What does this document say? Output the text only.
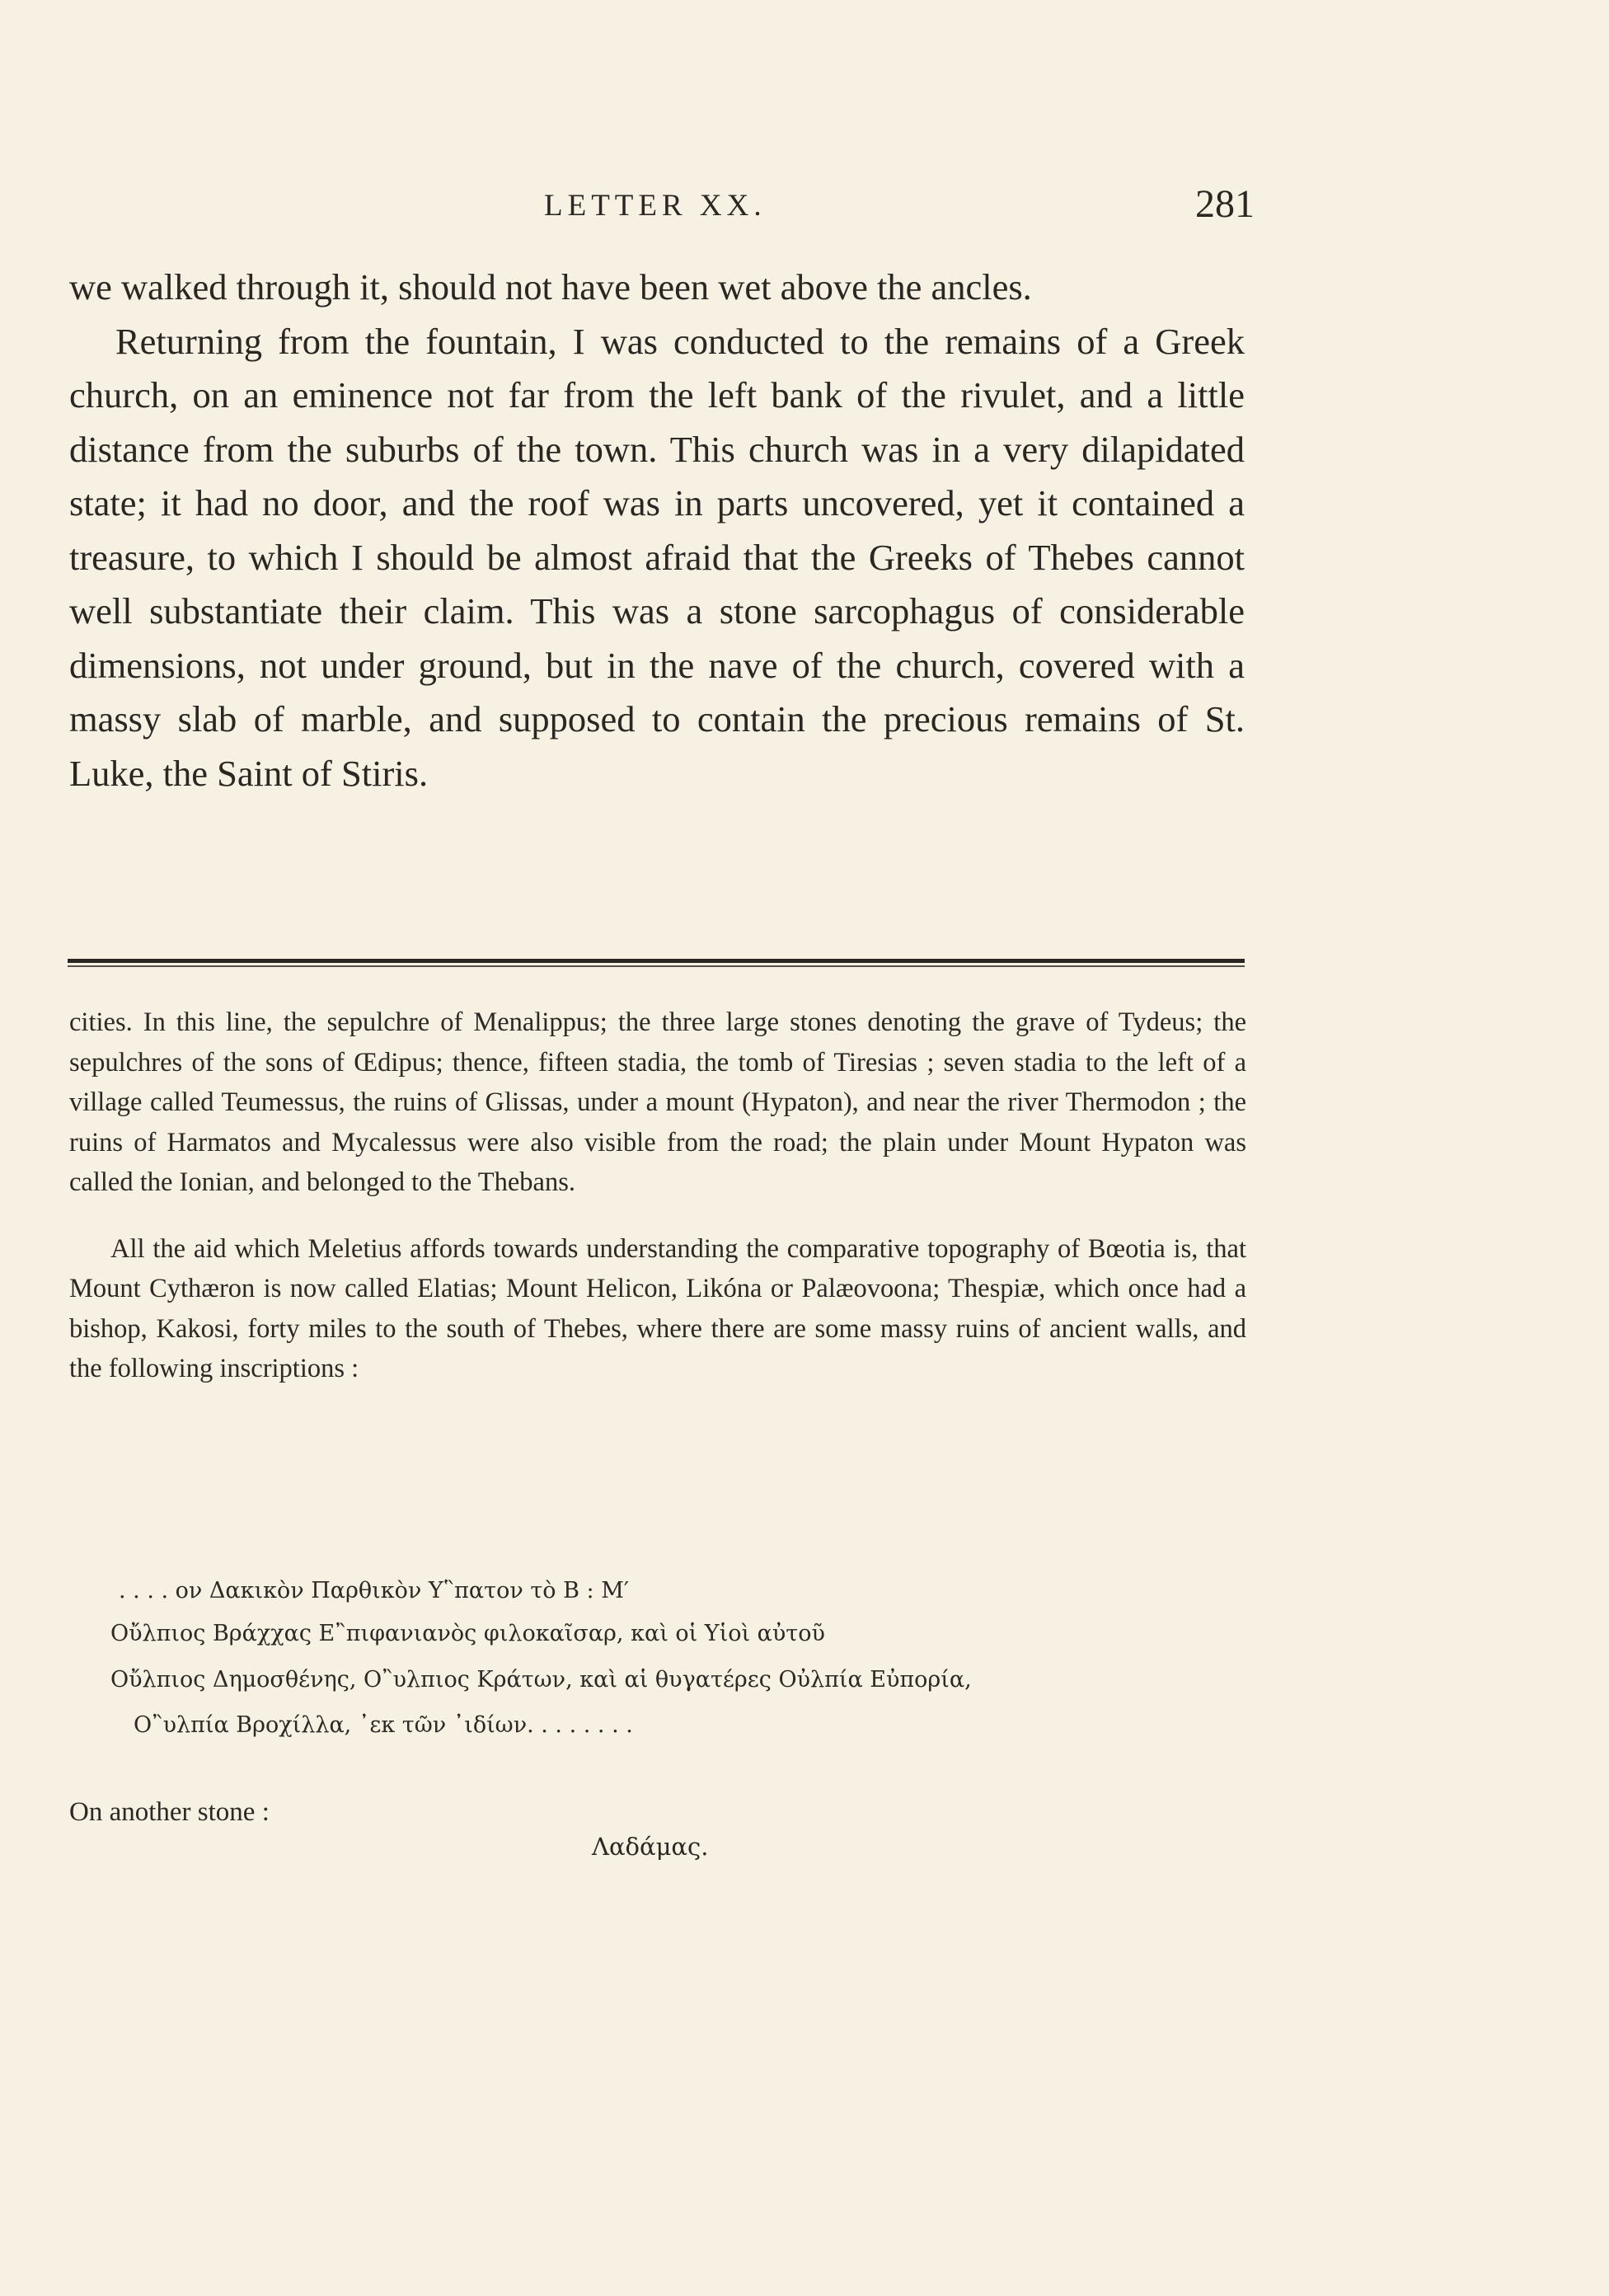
LETTER XX.	281

we walked through it, should not have been wet above the ancles.

Returning from the fountain, I was conducted to the remains of a Greek church, on an eminence not far from the left bank of the rivulet, and a little distance from the suburbs of the town. This church was in a very dilapidated state; it had no door, and the roof was in parts uncovered, yet it contained a treasure, to which I should be almost afraid that the Greeks of Thebes cannot well substantiate their claim. This was a stone sarcophagus of considerable dimensions, not under ground, but in the nave of the church, covered with a massy slab of marble, and supposed to contain the precious remains of St. Luke, the Saint of Stiris.

cities. In this line, the sepulchre of Menalippus; the three large stones denoting the grave of Tydeus; the sepulchres of the sons of Œdipus; thence, fifteen stadia, the tomb of Tiresias ; seven stadia to the left of a village called Teumessus, the ruins of Glissas, under a mount (Hypaton), and near the river Thermodon ; the ruins of Harmatos and Mycalessus were also visible from the road; the plain under Mount Hypaton was called the Ionian, and belonged to the Thebans.

All the aid which Meletius affords towards understanding the comparative topography of Bœotia is, that Mount Cythæron is now called Elatias; Mount Helicon, Likóna or Palæovoona; Thespiæ, which once had a bishop, Kakosi, forty miles to the south of Thebes, where there are some massy ruins of ancient walls, and the following inscriptions :

. . . . ον Δακικὸν Παρθικὸν Υ῝πατον τὸ Β : Μ′
Οὔλπιος Βράχχας Ε῍πιφανιανὸς φιλοκαῖσαρ, καὶ οἱ Υἱοὶ αὐτοῦ
Οὔλπιος Δημοσθένης, Ο῍υλπιος Κράτων, καὶ αἱ θυγατέρες Οὐλπία Εὐπορία,
Ο῍υλπία Βροχίλλα, ᾽εκ τῶν ᾽ιδίων. . . . . . . .
On another stone :
Λαδάμας.
